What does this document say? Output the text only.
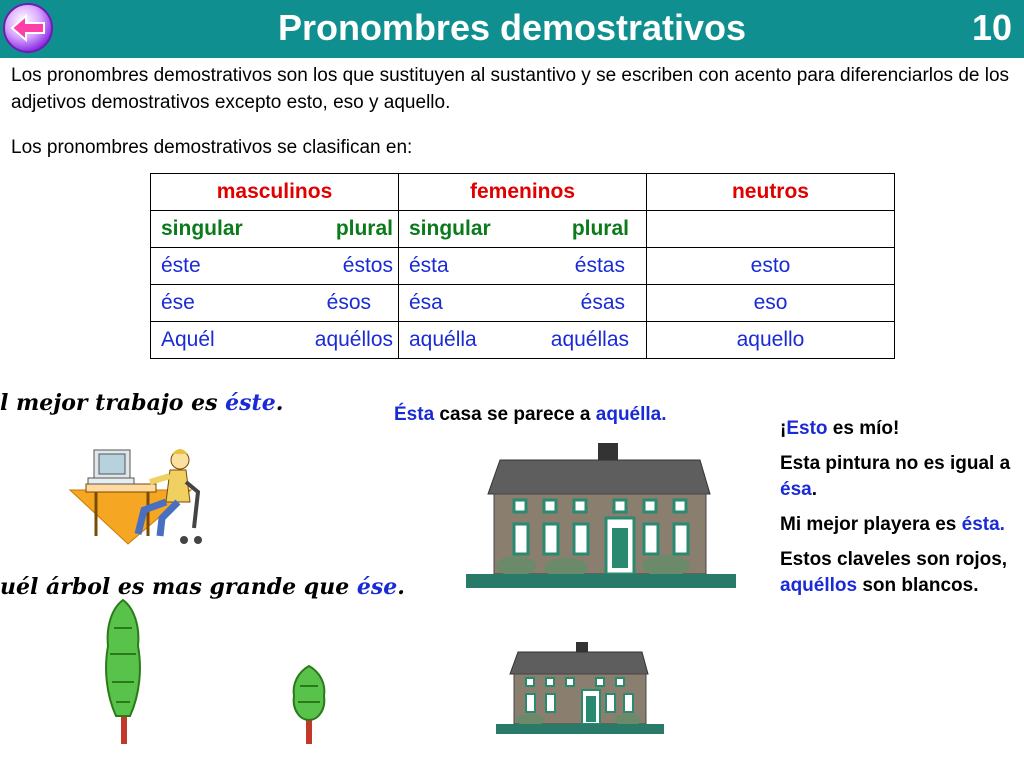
Pronombres demostrativos	10

Los pronombres demostrativos son los que sustituyen al sustantivo y se escriben con acento para diferenciarlos de los adjetivos demostrativos excepto esto, eso y aquello.

Los pronombres demostrativos se clasifican en:

masculinos	femeninos	neutros

singular plural	singular plural	

éste éstos	ésta éstas	esto

ése ésos	ésa ésas	eso

Aquél aquéllos	aquélla aquéllas	aquello
l mejor trabajo es éste.
uél árbol es mas grande que ése.
Ésta casa se parece a aquélla.

¡Esto es mío!

Esta pintura no es igual a ésa.

Mi mejor playera es ésta.

Estos claveles son rojos, aquéllos son blancos.
